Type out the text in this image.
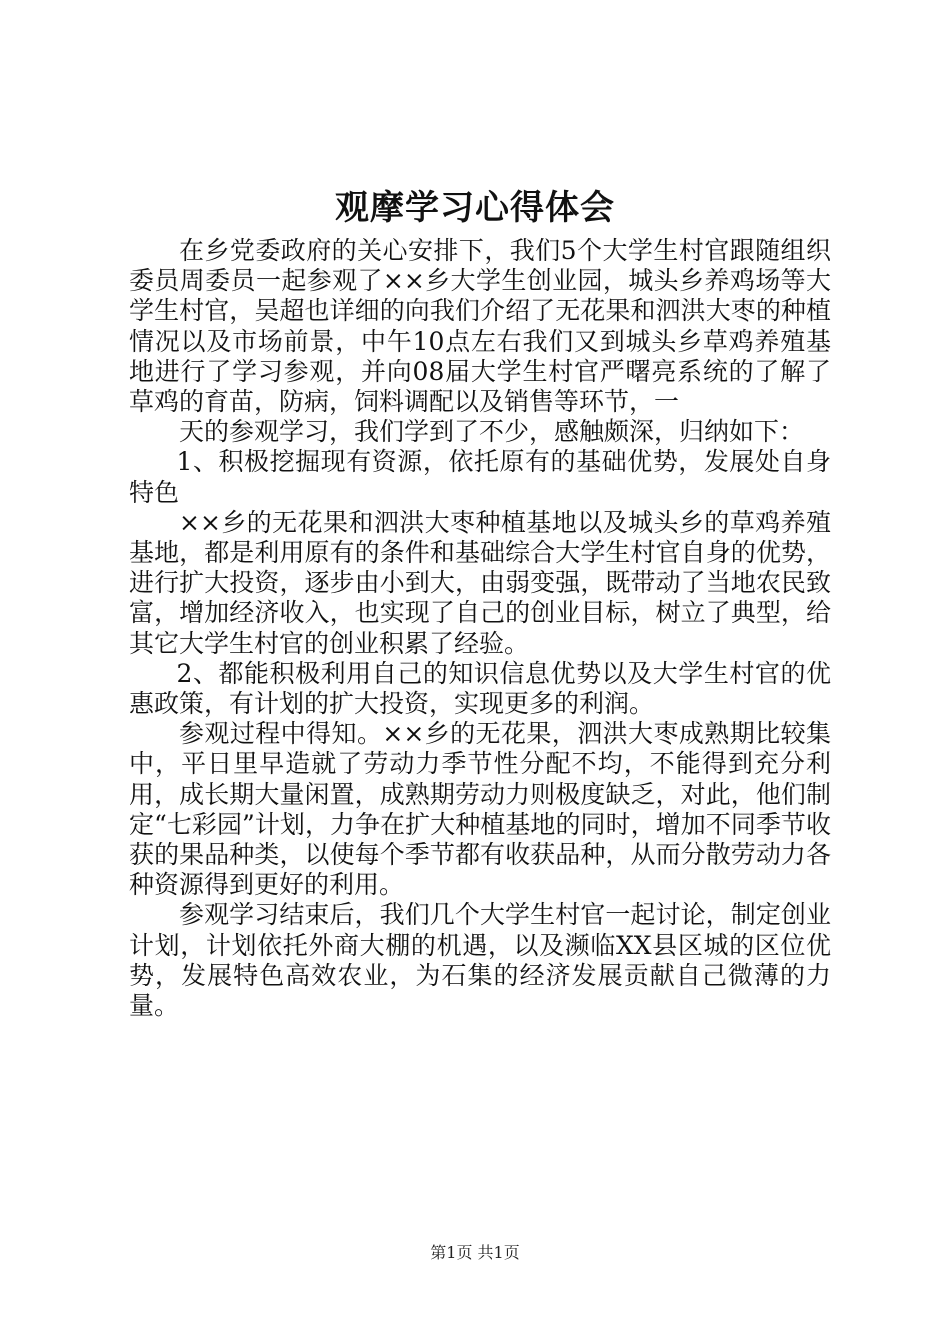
观摩学习心得体会

在乡党委政府的关心安排下，我们5个大学生村官跟随组织委员周委员一起参观了××乡大学生创业园，城头乡养鸡场等大学生村官，吴超也详细的向我们介绍了无花果和泗洪大枣的种植情况以及市场前景，中午10点左右我们又到城头乡草鸡养殖基地进行了学习参观，并向08届大学生村官严曙亮系统的了解了草鸡的育苗，防病，饲料调配以及销售等环节，一

天的参观学习，我们学到了不少，感触颇深，归纳如下：

1、积极挖掘现有资源，依托原有的基础优势，发展处自身特色

××乡的无花果和泗洪大枣种植基地以及城头乡的草鸡养殖基地，都是利用原有的条件和基础综合大学生村官自身的优势，进行扩大投资，逐步由小到大，由弱变强，既带动了当地农民致富，增加经济收入，也实现了自己的创业目标，树立了典型，给其它大学生村官的创业积累了经验。

2、都能积极利用自己的知识信息优势以及大学生村官的优惠政策，有计划的扩大投资，实现更多的利润。

参观过程中得知。××乡的无花果，泗洪大枣成熟期比较集中，平日里早造就了劳动力季节性分配不均，不能得到充分利用，成长期大量闲置，成熟期劳动力则极度缺乏，对此，他们制定“七彩园”计划，力争在扩大种植基地的同时，增加不同季节收获的果品种类，以使每个季节都有收获品种，从而分散劳动力各种资源得到更好的利用。

参观学习结束后，我们几个大学生村官一起讨论，制定创业计划，计划依托外商大棚的机遇，以及濒临XX县区城的区位优势，发展特色高效农业，为石集的经济发展贡献自己微薄的力量。

第1页 共1页
